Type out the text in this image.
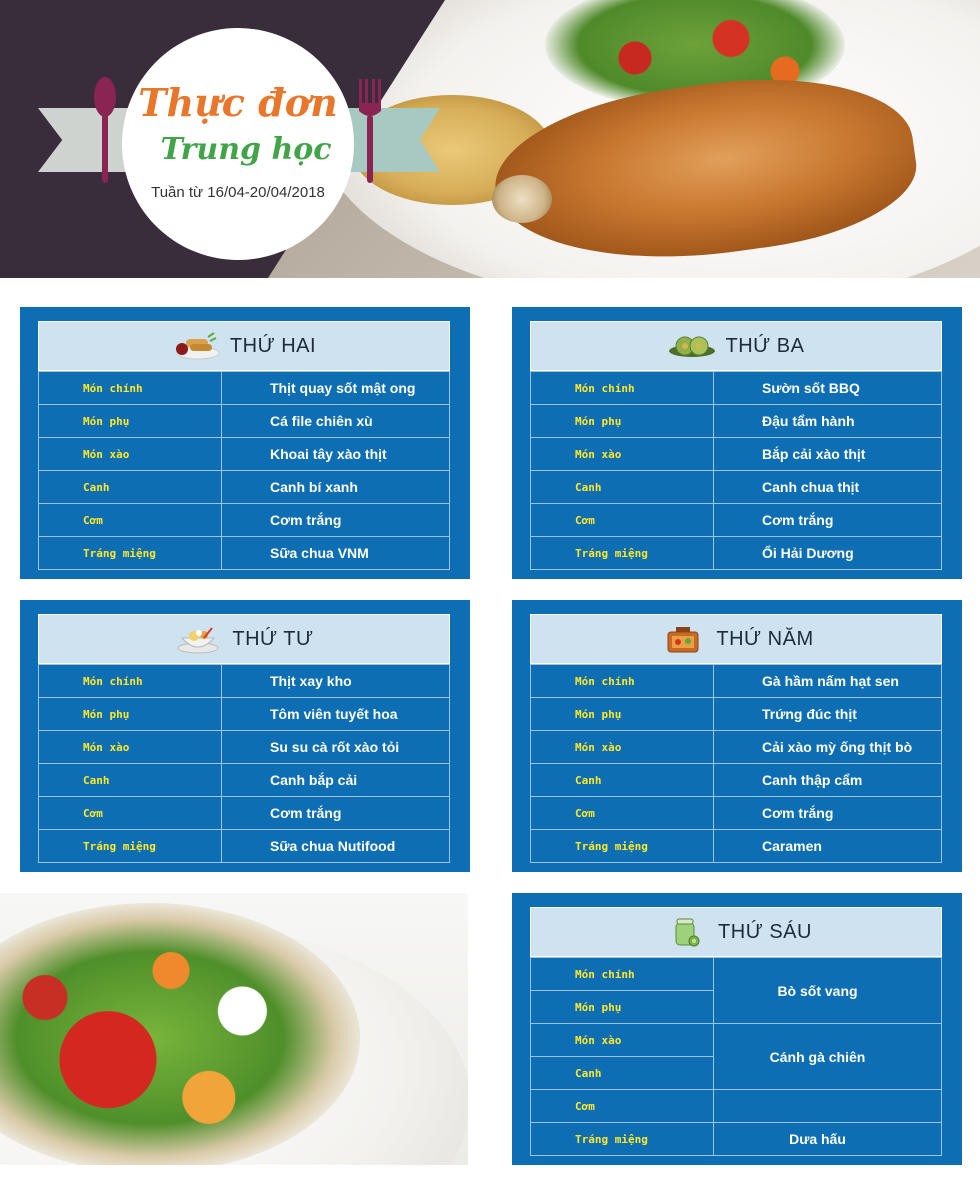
Thực đơn
Trung học
Tuần từ 16/04-20/04/2018
THỨ HAI
Món chính	Thịt quay sốt mật ong
Món phụ	Cá file chiên xù
Món xào	Khoai tây xào thịt
Canh	Canh bí xanh
Cơm	Cơm trắng
Tráng miệng	Sữa chua VNM
THỨ BA
Món chính	Sườn sốt BBQ
Món phụ	Đậu tẩm hành
Món xào	Bắp cải xào thịt
Canh	Canh chua thịt
Cơm	Cơm trắng
Tráng miệng	Ổi Hải Dương
THỨ TƯ
Món chính	Thịt xay kho
Món phụ	Tôm viên tuyết hoa
Món xào	Su su cà rốt xào tỏi
Canh	Canh bắp cải
Cơm	Cơm trắng
Tráng miệng	Sữa chua Nutifood
THỨ NĂM
Món chính	Gà hầm nấm hạt sen
Món phụ	Trứng đúc thịt
Món xào	Cải xào mỳ ống thịt bò
Canh	Canh thập cẩm
Cơm	Cơm trắng
Tráng miệng	Caramen
THỨ SÁU
Món chính	Bò sốt vang
Món phụ	
Món xào	Cánh gà chiên
Canh	
Cơm	
Tráng miệng	Dưa hấu
